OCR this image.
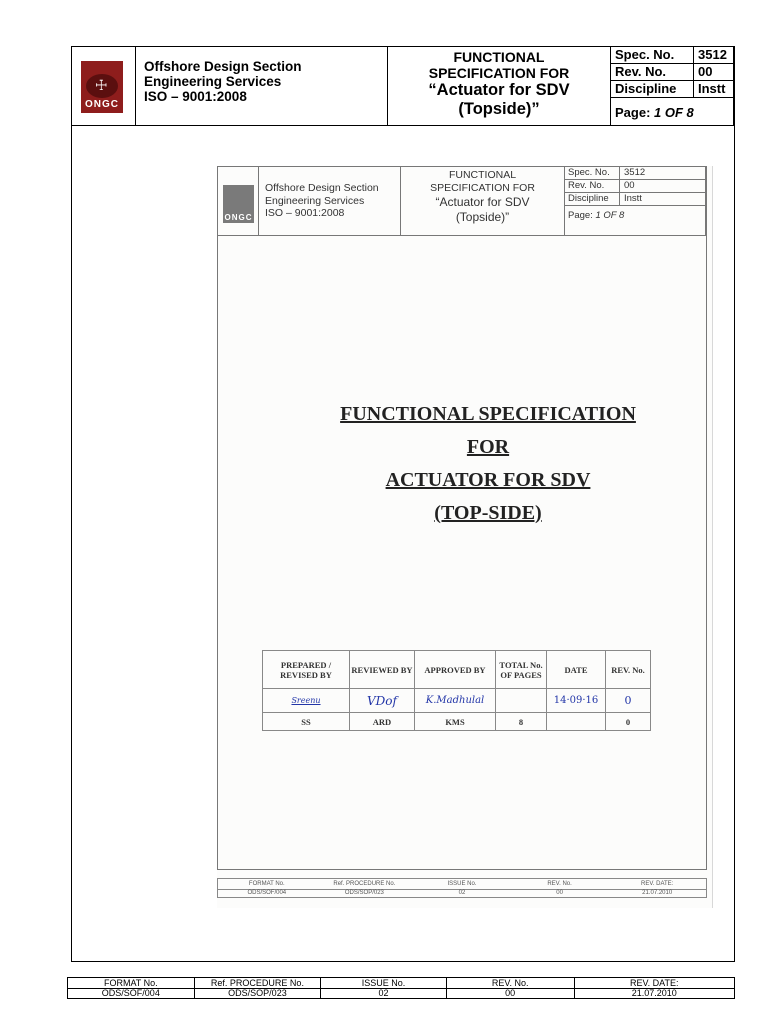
☩
ONGC
Offshore Design Section
Engineering Services
ISO – 9001:2008
FUNCTIONAL
SPECIFICATION FOR
“Actuator for SDV
(Topside)”
Spec. No.	3512
Rev. No.	00
Discipline	Instt
Page: 1 OF 8
ONGC
Offshore Design Section
Engineering Services
ISO – 9001:2008
FUNCTIONAL
SPECIFICATION FOR
“Actuator for SDV
(Topside)”
Spec. No.	3512
Rev. No.	00
Discipline	Instt
Page: 1 OF 8
FUNCTIONAL SPECIFICATION
FOR
ACTUATOR FOR SDV
(TOP-SIDE)
PREPARED / REVISED BY	REVIEWED BY	APPROVED BY	TOTAL No. OF PAGES	DATE	REV. No.
Sreenu	VDof	K.Madhulal		14·09·16	0
SS	ARD	KMS	8		0
FORMAT No.	Ref. PROCEDURE No.	ISSUE No.	REV. No.	REV. DATE:
ODS/SOF/004	ODS/SOP/023	02	00	21.07.2010
FORMAT No.	Ref. PROCEDURE No.	ISSUE No.	REV. No.	REV. DATE:
ODS/SOF/004	ODS/SOP/023	02	00	21.07.2010
